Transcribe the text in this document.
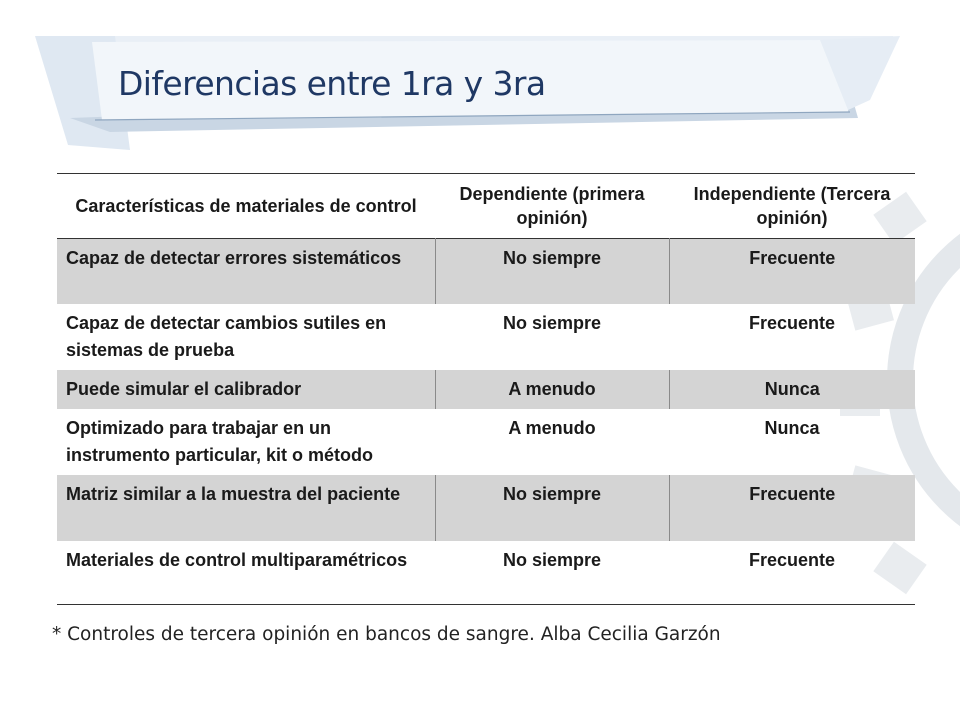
Diferencias entre 1ra y 3ra
Características de materiales de control	Dependiente (primera opinión)	Independiente (Tercera opinión)
Capaz de detectar errores sistemáticos	No siempre	Frecuente
Capaz de detectar cambios sutiles en sistemas de prueba	No siempre	Frecuente
Puede simular el calibrador	A menudo	Nunca
Optimizado para trabajar en un instrumento particular, kit o método	A menudo	Nunca
Matriz similar a la muestra del paciente	No siempre	Frecuente
Materiales de control multiparamétricos	No siempre	Frecuente

* Controles de tercera opinión en bancos de sangre. Alba Cecilia Garzón
